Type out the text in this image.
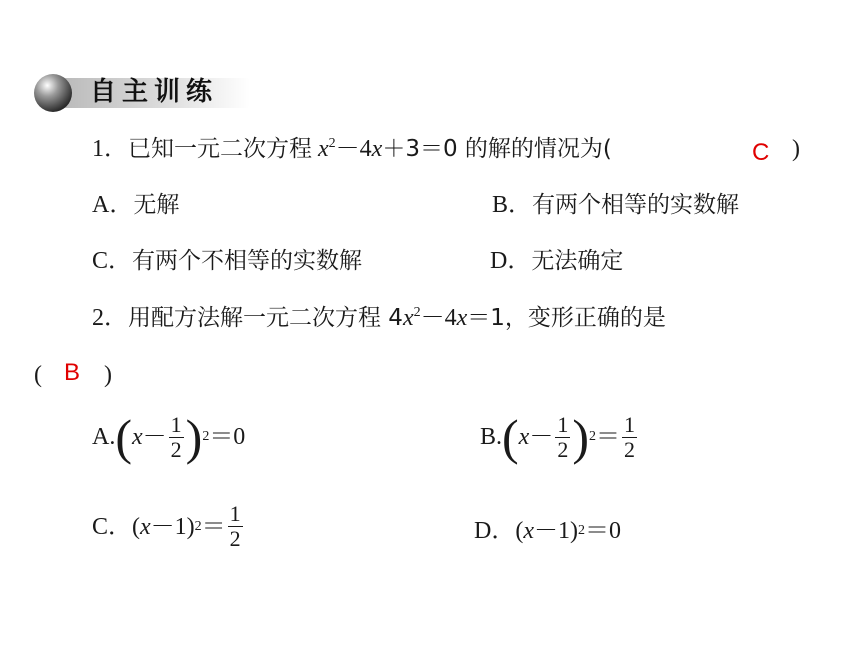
自主训练
1．已知一元二次方程 $x^2-4x+3=0$ 的解的情况为(	C )
A．无解	B．有两个相等的实数解
C．有两个不相等的实数解	D．无法确定
2．用配方法解一元二次方程 $4x^2-4x=1$，变形正确的是
( B )
A. ( $x - \frac{1}{2}$ ) 2 ＝0	B. ( $x - \frac{1}{2}$ ) $2 = \frac{1}{2}$
C． ( x － 1 ) $2 = \frac{1}{2}$	D． ( x － 1 ) 2 ＝0
